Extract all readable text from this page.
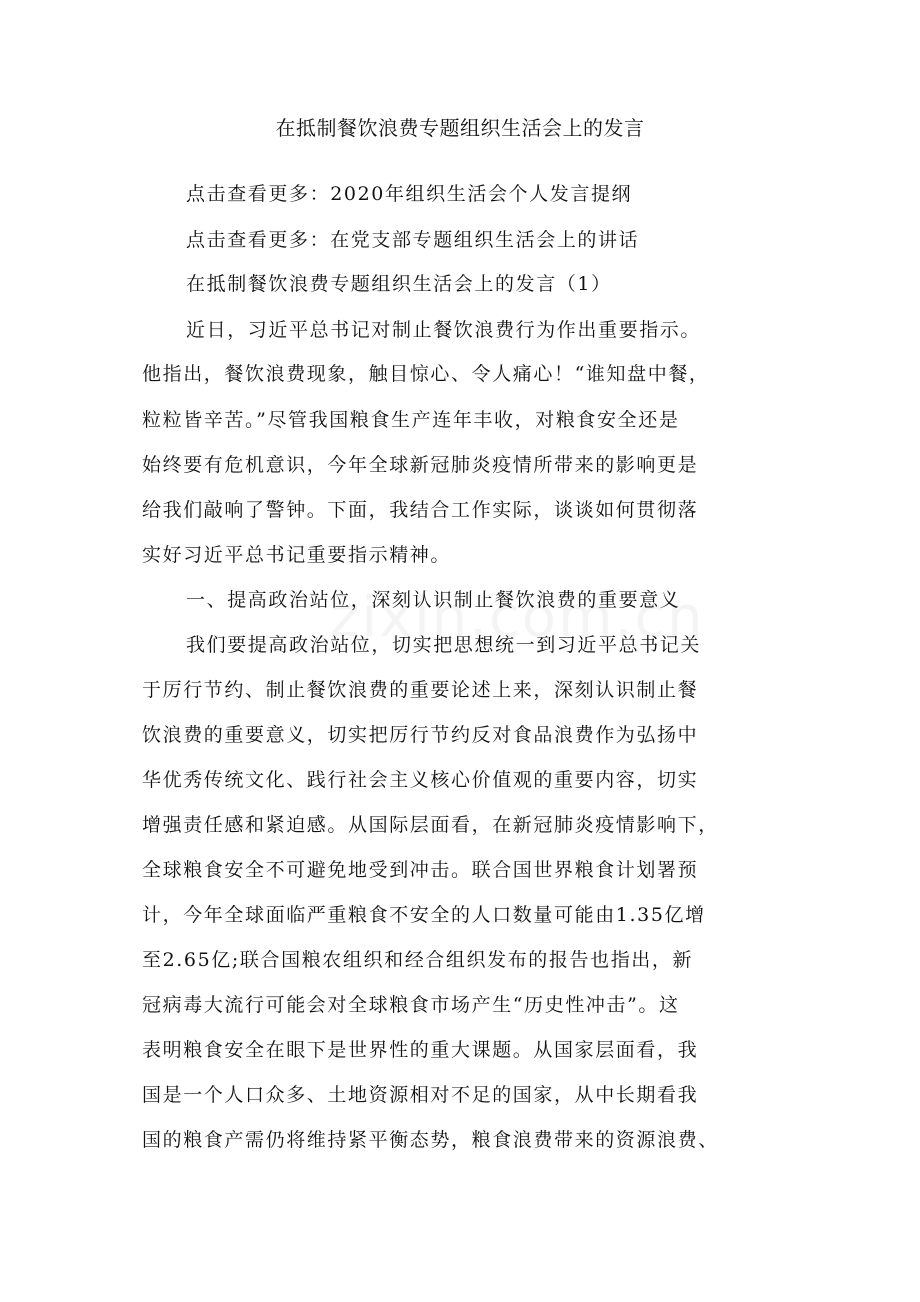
在抵制餐饮浪费专题组织生活会上的发言
点击查看更多：2020年组织生活会个人发言提纲
点击查看更多：在党支部专题组织生活会上的讲话
在抵制餐饮浪费专题组织生活会上的发言（1）
近日，习近平总书记对制止餐饮浪费行为作出重要指示。
他指出，餐饮浪费现象，触目惊心、令人痛心！“谁知盘中餐，
粒粒皆辛苦。”尽管我国粮食生产连年丰收，对粮食安全还是
始终要有危机意识，今年全球新冠肺炎疫情所带来的影响更是
给我们敲响了警钟。下面，我结合工作实际，谈谈如何贯彻落
实好习近平总书记重要指示精神。
一、提高政治站位，深刻认识制止餐饮浪费的重要意义
我们要提高政治站位，切实把思想统一到习近平总书记关
于厉行节约、制止餐饮浪费的重要论述上来，深刻认识制止餐
饮浪费的重要意义，切实把厉行节约反对食品浪费作为弘扬中
华优秀传统文化、践行社会主义核心价值观的重要内容，切实
增强责任感和紧迫感。从国际层面看，在新冠肺炎疫情影响下，
全球粮食安全不可避免地受到冲击。联合国世界粮食计划署预
计，今年全球面临严重粮食不安全的人口数量可能由1.35亿增
至2.65亿;联合国粮农组织和经合组织发布的报告也指出，新
冠病毒大流行可能会对全球粮食市场产生“历史性冲击”。这
表明粮食安全在眼下是世界性的重大课题。从国家层面看，我
国是一个人口众多、土地资源相对不足的国家，从中长期看我
国的粮食产需仍将维持紧平衡态势，粮食浪费带来的资源浪费、
